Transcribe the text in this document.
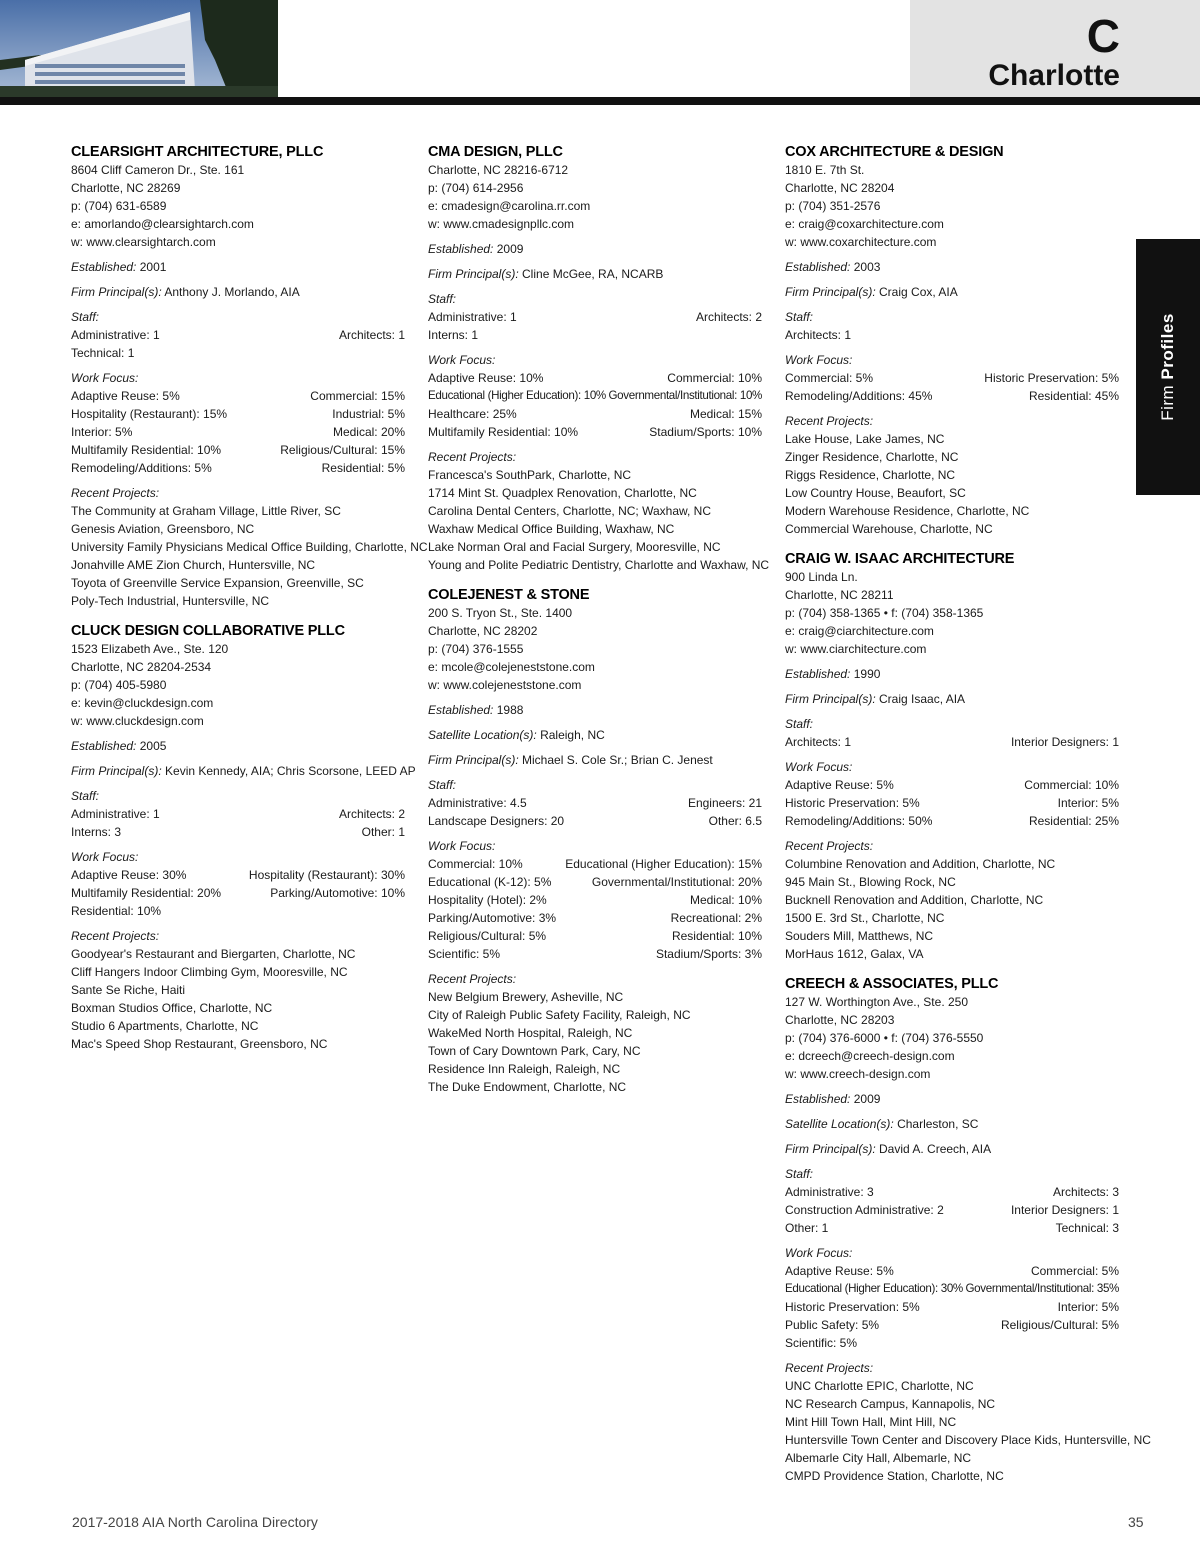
C
Charlotte
Firm Profiles
CLEARSIGHT ARCHITECTURE, PLLC
8604 Cliff Cameron Dr., Ste. 161
Charlotte, NC 28269
p: (704) 631-6589
e: amorlando@clearsightarch.com
w: www.clearsightarch.com
Established: 2001
Firm Principal(s): Anthony J. Morlando, AIA
Staff:
Administrative: 1	Architects: 1
Technical: 1
Work Focus:
Adaptive Reuse: 5%	Commercial: 15%
Hospitality (Restaurant): 15%	Industrial: 5%
Interior: 5%	Medical: 20%
Multifamily Residential: 10%	Religious/Cultural: 15%
Remodeling/Additions: 5%	Residential: 5%
Recent Projects:
The Community at Graham Village, Little River, SC
Genesis Aviation, Greensboro, NC
University Family Physicians Medical Office Building, Charlotte, NC
Jonahville AME Zion Church, Huntersville, NC
Toyota of Greenville Service Expansion, Greenville, SC
Poly-Tech Industrial, Huntersville, NC
CLUCK DESIGN COLLABORATIVE PLLC
1523 Elizabeth Ave., Ste. 120
Charlotte, NC 28204-2534
p: (704) 405-5980
e: kevin@cluckdesign.com
w: www.cluckdesign.com
Established: 2005
Firm Principal(s): Kevin Kennedy, AIA; Chris Scorsone, LEED AP
Staff:
Administrative: 1	Architects: 2
Interns: 3	Other: 1
Work Focus:
Adaptive Reuse: 30%	Hospitality (Restaurant): 30%
Multifamily Residential: 20%	Parking/Automotive: 10%
Residential: 10%
Recent Projects:
Goodyear's Restaurant and Biergarten, Charlotte, NC
Cliff Hangers Indoor Climbing Gym, Mooresville, NC
Sante Se Riche, Haiti
Boxman Studios Office, Charlotte, NC
Studio 6 Apartments, Charlotte, NC
Mac's Speed Shop Restaurant, Greensboro, NC
CMA DESIGN, PLLC
Charlotte, NC 28216-6712
p: (704) 614-2956
e: cmadesign@carolina.rr.com
w: www.cmadesignpllc.com
Established: 2009
Firm Principal(s): Cline McGee, RA, NCARB
Staff:
Administrative: 1	Architects: 2
Interns: 1
Work Focus:
Adaptive Reuse: 10%	Commercial: 10%
Educational (Higher Education): 10% Governmental/Institutional: 10%
Healthcare: 25%	Medical: 15%
Multifamily Residential: 10%	Stadium/Sports: 10%
Recent Projects:
Francesca's SouthPark, Charlotte, NC
1714 Mint St. Quadplex Renovation, Charlotte, NC
Carolina Dental Centers, Charlotte, NC; Waxhaw, NC
Waxhaw Medical Office Building, Waxhaw, NC
Lake Norman Oral and Facial Surgery, Mooresville, NC
Young and Polite Pediatric Dentistry, Charlotte and Waxhaw, NC
COLEJENEST & STONE
200 S. Tryon St., Ste. 1400
Charlotte, NC 28202
p: (704) 376-1555
e: mcole@colejeneststone.com
w: www.colejeneststone.com
Established: 1988
Satellite Location(s): Raleigh, NC
Firm Principal(s): Michael S. Cole Sr.; Brian C. Jenest
Staff:
Administrative: 4.5	Engineers: 21
Landscape Designers: 20	Other: 6.5
Work Focus:
Commercial: 10%	Educational (Higher Education): 15%
Educational (K-12): 5%	Governmental/Institutional: 20%
Hospitality (Hotel): 2%	Medical: 10%
Parking/Automotive: 3%	Recreational: 2%
Religious/Cultural: 5%	Residential: 10%
Scientific: 5%	Stadium/Sports: 3%
Recent Projects:
New Belgium Brewery, Asheville, NC
City of Raleigh Public Safety Facility, Raleigh, NC
WakeMed North Hospital, Raleigh, NC
Town of Cary Downtown Park, Cary, NC
Residence Inn Raleigh, Raleigh, NC
The Duke Endowment, Charlotte, NC
COX ARCHITECTURE & DESIGN
1810 E. 7th St.
Charlotte, NC 28204
p: (704) 351-2576
e: craig@coxarchitecture.com
w: www.coxarchitecture.com
Established: 2003
Firm Principal(s): Craig Cox, AIA
Staff:
Architects: 1
Work Focus:
Commercial: 5%	Historic Preservation: 5%
Remodeling/Additions: 45%	Residential: 45%
Recent Projects:
Lake House, Lake James, NC
Zinger Residence, Charlotte, NC
Riggs Residence, Charlotte, NC
Low Country House, Beaufort, SC
Modern Warehouse Residence, Charlotte, NC
Commercial Warehouse, Charlotte, NC
CRAIG W. ISAAC ARCHITECTURE
900 Linda Ln.
Charlotte, NC 28211
p: (704) 358-1365 • f: (704) 358-1365
e: craig@ciarchitecture.com
w: www.ciarchitecture.com
Established: 1990
Firm Principal(s): Craig Isaac, AIA
Staff:
Architects: 1	Interior Designers: 1
Work Focus:
Adaptive Reuse: 5%	Commercial: 10%
Historic Preservation: 5%	Interior: 5%
Remodeling/Additions: 50%	Residential: 25%
Recent Projects:
Columbine Renovation and Addition, Charlotte, NC
945 Main St., Blowing Rock, NC
Bucknell Renovation and Addition, Charlotte, NC
1500 E. 3rd St., Charlotte, NC
Souders Mill, Matthews, NC
MorHaus 1612, Galax, VA
CREECH & ASSOCIATES, PLLC
127 W. Worthington Ave., Ste. 250
Charlotte, NC 28203
p: (704) 376-6000 • f: (704) 376-5550
e: dcreech@creech-design.com
w: www.creech-design.com
Established: 2009
Satellite Location(s): Charleston, SC
Firm Principal(s): David A. Creech, AIA
Staff:
Administrative: 3	Architects: 3
Construction Administrative: 2	Interior Designers: 1
Other: 1	Technical: 3
Work Focus:
Adaptive Reuse: 5%	Commercial: 5%
Educational (Higher Education): 30% Governmental/Institutional: 35%
Historic Preservation: 5%	Interior: 5%
Public Safety: 5%	Religious/Cultural: 5%
Scientific: 5%
Recent Projects:
UNC Charlotte EPIC, Charlotte, NC
NC Research Campus, Kannapolis, NC
Mint Hill Town Hall, Mint Hill, NC
Huntersville Town Center and Discovery Place Kids, Huntersville, NC
Albemarle City Hall, Albemarle, NC
CMPD Providence Station, Charlotte, NC
2017-2018 AIA North Carolina Directory	35
